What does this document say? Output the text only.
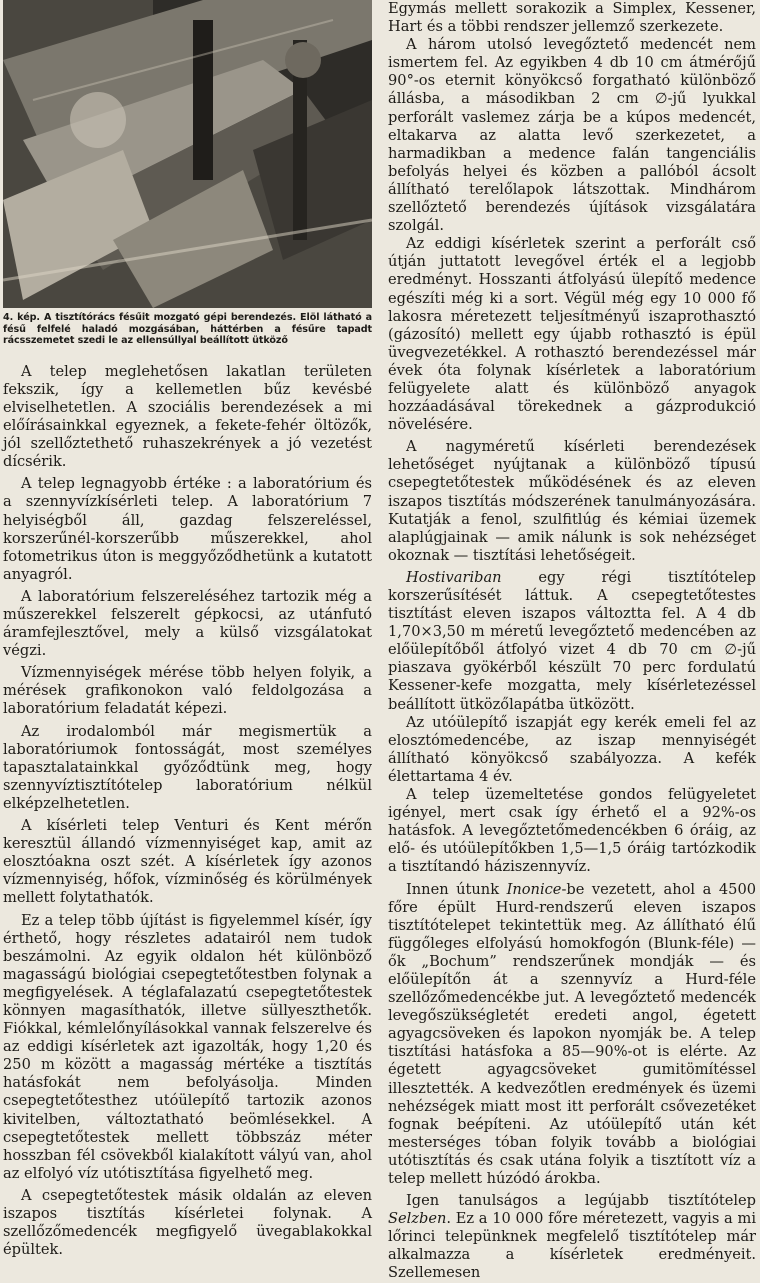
4. kép. A tisztítórács fésűit mozgató gépi berendezés. Elöl látható a fésű felfelé haladó mozgásában, háttérben a fésűre tapadt rácsszemetet szedi le az ellensúllyal beállított ütköző

A telep meglehetősen lakatlan területen fekszik, így a kellemetlen bűz kevésbé elviselhetetlen. A szociális berendezések a mi előírásainkkal egyeznek, a fekete-fehér öltözők, jól szellőztethető ruhaszekrények a jó vezetést dícsérik.

A telep legnagyobb értéke : a laboratórium és a szennyvízkísérleti telep. A laboratórium 7 helyiségből áll, gazdag felszereléssel, korszerűnél-korszerűbb műszerekkel, ahol fotometrikus úton is meggyőződhetünk a kutatott anyagról.

A laboratórium felszereléséhez tartozik még a műszerekkel felszerelt gépkocsi, az utánfutó áramfejlesztővel, mely a külső vizsgálatokat végzi.

Vízmennyiségek mérése több helyen folyik, a mérések grafikonokon való feldolgozása a laboratórium feladatát képezi.

Az irodalomból már megismertük a laboratóriumok fontosságát, most személyes tapasztalatainkkal győződtünk meg, hogy szennyvíztisztítótelep laboratórium nélkül elképzelhetetlen.

A kísérleti telep Venturi és Kent mérőn keresztül állandó vízmennyiséget kap, amit az elosztóakna oszt szét. A kísérletek így azonos vízmennyiség, hőfok, vízminőség és körülmények mellett folytathatók.

Ez a telep több újítást is figyelemmel kísér, így érthető, hogy részletes adatairól nem tudok beszámolni. Az egyik oldalon hét különböző magasságú biológiai csepegtetőtestben folynak a megfigyelések. A téglafalazatú csepegtetőtestek könnyen magasíthatók, illetve süllyeszthetők. Fiókkal, kémlelőnyílásokkal vannak felszerelve és az eddigi kísérletek azt igazolták, hogy 1,20 és 250 m között a magasság mértéke a tisztítás hatásfokát nem befolyásolja. Minden csepegtetőtesthez utóülepítő tartozik azonos kivitelben, változtatható beömlésekkel. A csepegtetőtestek mellett többszáz méter hosszban fél csövekből kialakított vályú van, ahol az elfolyó víz utótisztítása figyelhető meg.

A csepegtetőtestek másik oldalán az eleven iszapos tisztítás kísérletei folynak. A szellőzőmedencék megfigyelő üvegablakokkal épültek.

Egymás mellett sorakozik a Simplex, Kessener, Hart és a többi rendszer jellemző szerkezete.

A három utolsó levegőztető medencét nem ismertem fel. Az egyikben 4 db 10 cm átmérőjű 90°-os eternit könyökcső forgatható különböző állásba, a másodikban 2 cm ∅-jű lyukkal perforált vaslemez zárja be a kúpos medencét, eltakarva az alatta levő szerkezetet, a harmadikban a medence falán tangenciális befolyás helyei és közben a pallóból ácsolt állítható terelőlapok látszottak. Mindhárom szellőztető berendezés újítások vizsgálatára szolgál.

Az eddigi kísérletek szerint a perforált cső útján juttatott levegővel érték el a legjobb eredményt. Hosszanti átfolyású ülepítő medence egészíti még ki a sort. Végül még egy 10 000 fő lakosra méretezett teljesítményű iszaprothasztó (gázosító) mellett egy újabb rothasztó is épül üvegvezetékkel. A rothasztó berendezéssel már évek óta folynak kísérletek a laboratórium felügyelete alatt és különböző anyagok hozzáadásával törekednek a gázprodukció növelésére.

A nagyméretű kísérleti berendezések lehetőséget nyújtanak a különböző típusú csepegtetőtestek működésének és az eleven iszapos tisztítás módszerének tanulmányozására. Kutatják a fenol, szulfitlúg és kémiai üzemek alaplúgjainak — amik nálunk is sok nehézséget okoznak — tisztítási lehetőségeit.

Hostivariban egy régi tisztítótelep korszerűsítését láttuk. A csepegtetőtestes tisztítást eleven iszapos változtta fel. A 4 db 1,70×3,50 m méretű levegőztető medencében az előülepítőből átfolyó vizet 4 db 70 cm ∅-jű piaszava gyökérből készült 70 perc fordulatú Kessener-kefe mozgatta, mely kísérletezéssel beállított ütközőlapátba ütközött.

Az utóülepítő iszapját egy kerék emeli fel az elosztómedencébe, az iszap mennyiségét állítható könyökcső szabályozza. A kefék élettartama 4 év.

A telep üzemeltetése gondos felügyeletet igényel, mert csak így érhető el a 92%-os hatásfok. A levegőztetőmedencékben 6 óráig, az elő- és utóülepítőkben 1,5—1,5 óráig tartózkodik a tisztítandó háziszennyvíz.

Innen útunk Inonice-be vezetett, ahol a 4500 főre épült Hurd-rendszerű eleven iszapos tisztítótelepet tekintettük meg. Az állítható élű függőleges elfolyású homokfogón (Blunk-féle) — ők „Bochum” rendszerűnek mondják — és előülepítőn át a szennyvíz a Hurd-féle szellőzőmedencékbe jut. A levegőztető medencék levegőszükségletét eredeti angol, égetett agyagcsöveken és lapokon nyomják be. A telep tisztítási hatásfoka a 85—90%-ot is elérte. Az égetett agyagcsöveket gumitömítéssel illesztették. A kedvezőtlen eredmények és üzemi nehézségek miatt most itt perforált csővezetéket fognak beépíteni. Az utóülepítő után két mesterséges tóban folyik tovább a biológiai utótisztítás és csak utána folyik a tisztított víz a telep mellett húzódó árokba.

Igen tanulságos a legújabb tisztítótelep Selzben. Ez a 10 000 főre méretezett, vagyis a mi lőrinci telepünknek megfelelő tisztítótelep már alkalmazza a kísérletek eredményeit. Szellemesen
